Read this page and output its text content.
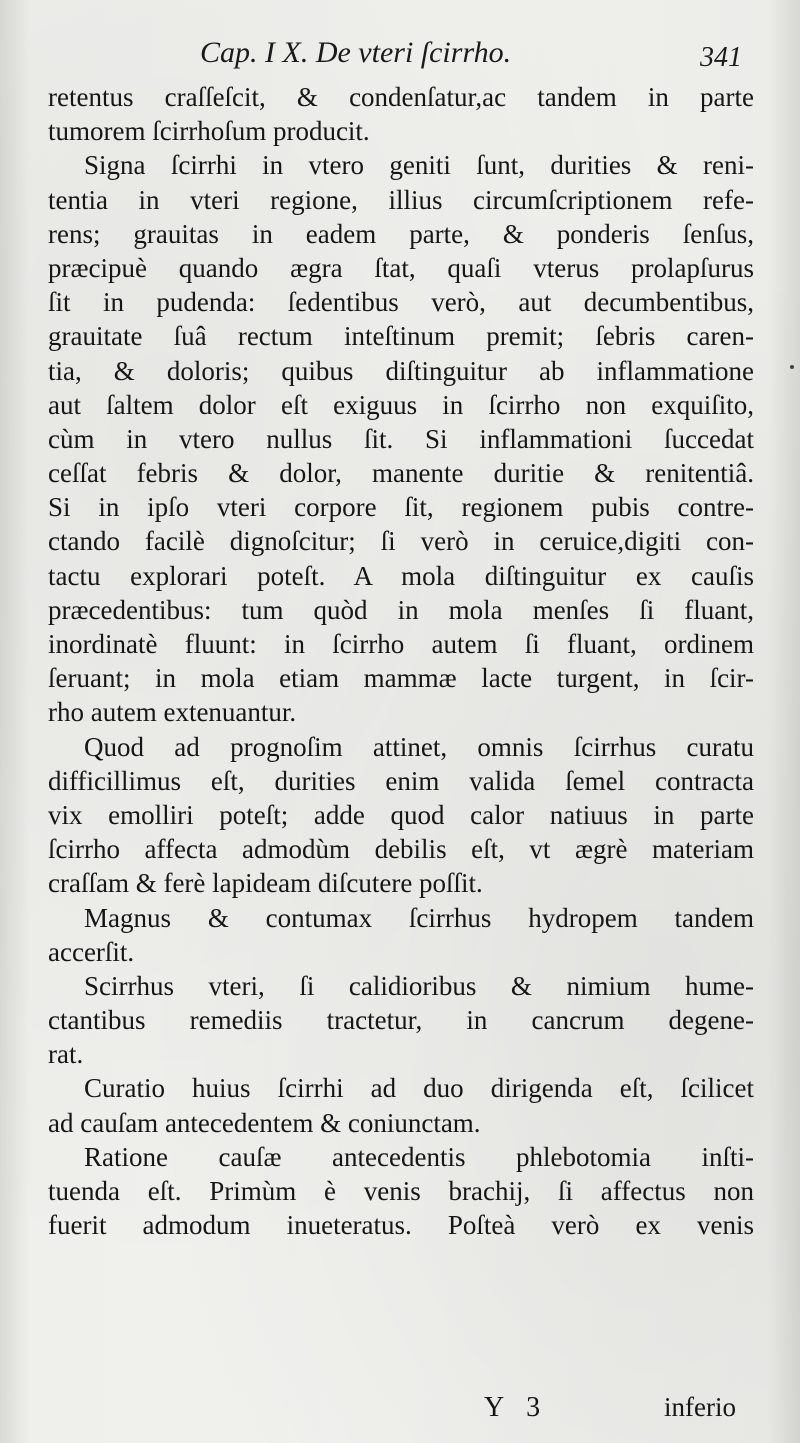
Cap. I X. De vteri ſcirrho.	341
retentus craſſeſcit, & condenſatur,ac tandem in parte
tumorem ſcirrhoſum producit.
Signa ſcirrhi in vtero geniti ſunt, durities & reni-
tentia in vteri regione, illius circumſcriptionem refe-
rens; grauitas in eadem parte, & ponderis ſenſus,
præcipuè quando ægra ſtat, quaſi vterus prolapſurus
ſit in pudenda: ſedentibus verò, aut decumbentibus,
grauitate ſuâ rectum inteſtinum premit; ſebris caren-
tia, & doloris; quibus diſtinguitur ab inflammatione
aut ſaltem dolor eſt exiguus in ſcirrho non exquiſito,
cùm in vtero nullus ſit. Si inflammationi ſuccedat
ceſſat febris & dolor, manente duritie & renitentiâ.
Si in ipſo vteri corpore ſit, regionem pubis contre-
ctando facilè dignoſcitur; ſi verò in ceruice,digiti con-
tactu explorari poteſt. A mola diſtinguitur ex cauſis
præcedentibus: tum quòd in mola menſes ſi fluant,
inordinatè fluunt: in ſcirrho autem ſi fluant, ordinem
ſeruant; in mola etiam mammæ lacte turgent, in ſcir-
rho autem extenuantur.
Quod ad prognoſim attinet, omnis ſcirrhus curatu
difficillimus eſt, durities enim valida ſemel contracta
vix emolliri poteſt; adde quod calor natiuus in parte
ſcirrho affecta admodùm debilis eſt, vt ægrè materiam
craſſam & ferè lapideam diſcutere poſſit.
Magnus & contumax ſcirrhus hydropem tandem
accerſit.
Scirrhus vteri, ſi calidioribus & nimium hume-
ctantibus remediis tractetur, in cancrum degene-
rat.
Curatio huius ſcirrhi ad duo dirigenda eſt, ſcilicet
ad cauſam antecedentem & coniunctam.
Ratione cauſæ antecedentis phlebotomia inſti-
tuenda eſt. Primùm è venis brachij, ſi affectus non
fuerit admodum inueteratus. Poſteà verò ex venis
Y 3	inferio
